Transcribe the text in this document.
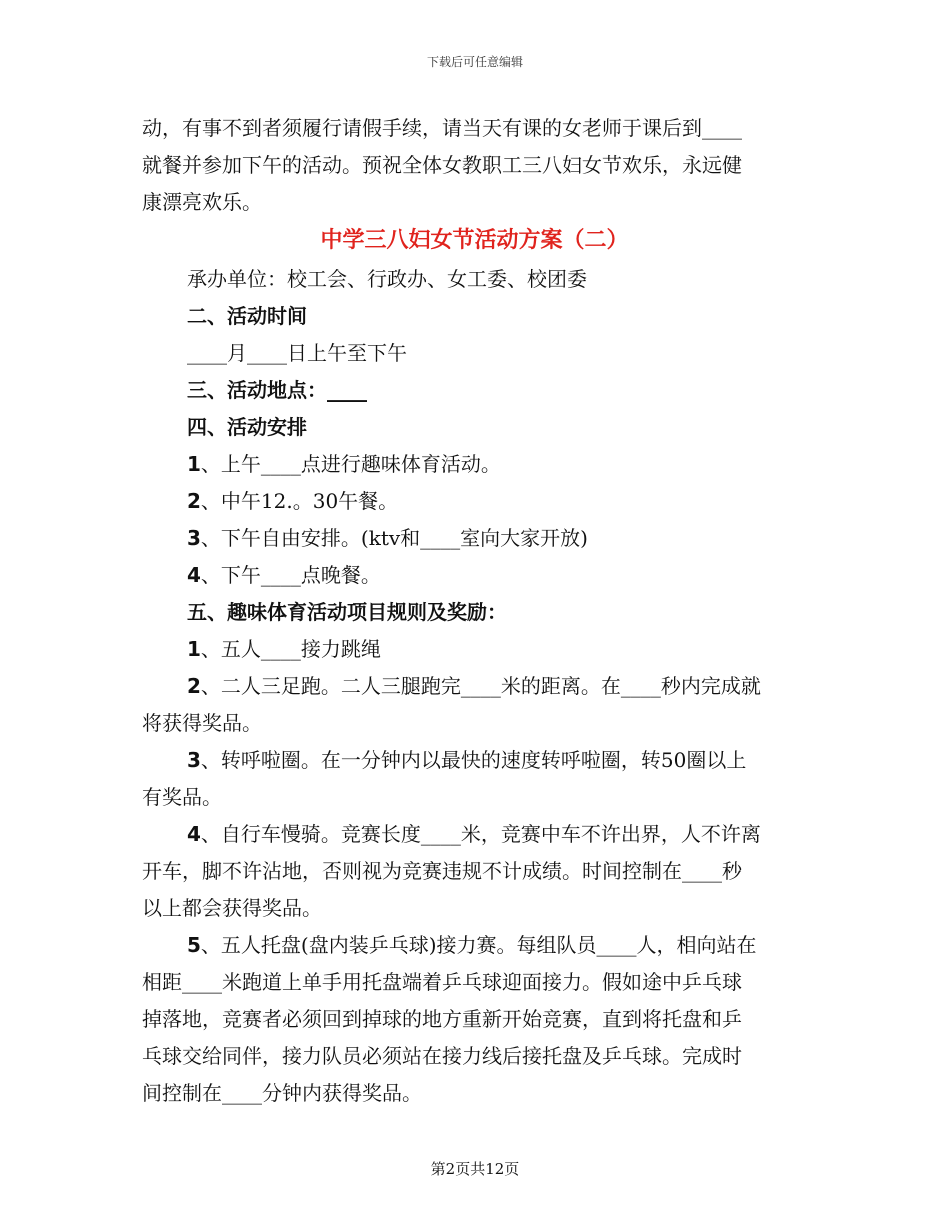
下载后可任意编辑

动，有事不到者须履行请假手续，请当天有课的女老师于课后到____

就餐并参加下午的活动。预祝全体女教职工三八妇女节欢乐，永远健

康漂亮欢乐。

中学三八妇女节活动方案（二）

承办单位：校工会、行政办、女工委、校团委

二、活动时间

____月____日上午至下午

三、活动地点：____

四、活动安排

1、上午____点进行趣味体育活动。

2、中午12.。30午餐。

3、下午自由安排。(ktv和____室向大家开放)

4、下午____点晚餐。

五、趣味体育活动项目规则及奖励：

1、五人____接力跳绳

2、二人三足跑。二人三腿跑完____米的距离。在____秒内完成就

将获得奖品。

3、转呼啦圈。在一分钟内以最快的速度转呼啦圈，转50圈以上

有奖品。

4、自行车慢骑。竞赛长度____米，竞赛中车不许出界，人不许离

开车，脚不许沾地，否则视为竞赛违规不计成绩。时间控制在____秒

以上都会获得奖品。

5、五人托盘(盘内装乒乓球)接力赛。每组队员____人，相向站在

相距____米跑道上单手用托盘端着乒乓球迎面接力。假如途中乒乓球

掉落地，竞赛者必须回到掉球的地方重新开始竞赛，直到将托盘和乒

乓球交给同伴，接力队员必须站在接力线后接托盘及乒乓球。完成时

间控制在____分钟内获得奖品。

第2页共12页
